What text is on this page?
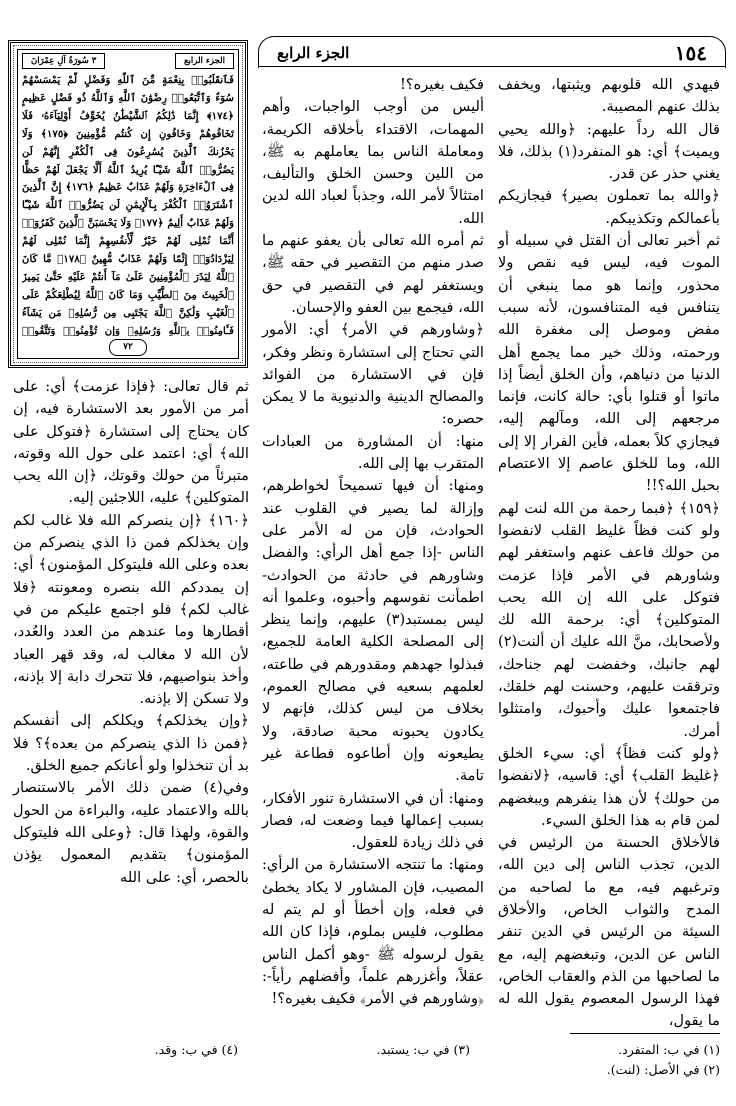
١٥٤
الجزء الرابع
الجزء الرابع
٣ سُورَةُ آلِ عِمْرَانَ
فَٱنقَلَبُوا۟ بِنِعْمَةٍ مِّنَ ٱللَّهِ وَفَضْلٍ لَّمْ يَمْسَسْهُمْ سُوٓءٌ وَٱتَّبَعُوا۟ رِضْوَٰنَ ٱللَّهِ وَٱللَّهُ ذُو فَضْلٍ عَظِيمٍ ﴿١٧٤﴾ إِنَّمَا ذَٰلِكُمُ ٱلشَّيْطَٰنُ يُخَوِّفُ أَوْلِيَآءَهُۥ فَلَا تَخَافُوهُمْ وَخَافُونِ إِن كُنتُم مُّؤْمِنِينَ ﴿١٧٥﴾ وَلَا يَحْزُنكَ ٱلَّذِينَ يُسَٰرِعُونَ فِى ٱلْكُفْرِ إِنَّهُمْ لَن يَضُرُّوا۟ ٱللَّهَ شَيْـًٔا يُرِيدُ ٱللَّهُ أَلَّا يَجْعَلَ لَهُمْ حَظًّا فِى ٱلْءَاخِرَةِ وَلَهُمْ عَذَابٌ عَظِيمٌ ﴿١٧٦﴾ إِنَّ ٱلَّذِينَ ٱشْتَرَوُا۟ ٱلْكُفْرَ بِٱلْإِيمَٰنِ لَن يَضُرُّوا۟ ٱللَّهَ شَيْـًٔا وَلَهُمْ عَذَابٌ أَلِيمٌ ﴿١٧٧﴾ وَلَا يَحْسَبَنَّ ٱلَّذِينَ كَفَرُوٓا۟ أَنَّمَا نُمْلِى لَهُمْ خَيْرٌ لِّأَنفُسِهِمْ إِنَّمَا نُمْلِى لَهُمْ لِيَزْدَادُوٓا۟ إِثْمًا وَلَهُمْ عَذَابٌ مُّهِينٌ ﴿١٧٨﴾ مَّا كَانَ ٱللَّهُ لِيَذَرَ ٱلْمُؤْمِنِينَ عَلَىٰ مَآ أَنتُمْ عَلَيْهِ حَتَّىٰ يَمِيزَ ٱلْخَبِيثَ مِنَ ٱلطَّيِّبِ وَمَا كَانَ ٱللَّهُ لِيُطْلِعَكُمْ عَلَى ٱلْغَيْبِ وَلَٰكِنَّ ٱللَّهَ يَجْتَبِى مِن رُّسُلِهِۦ مَن يَشَآءُ فَـَٔامِنُوا۟ بِٱللَّهِ وَرُسُلِهِۦ وَإِن تُؤْمِنُوا۟ وَتَتَّقُوا۟
٧٢

فيهدي الله قلوبهم ويثبتها، ويخفف بذلك عنهم المصيبة.

قال الله رداً عليهم: ﴿والله يحيي ويميت﴾ أي: هو المنفرد(١) بذلك، فلا يغني حذر عن قدر.

﴿والله بما تعملون بصير﴾ فيجازيكم بأعمالكم وتكذيبكم.

ثم أخبر تعالى أن القتل في سبيله أو الموت فيه، ليس فيه نقص ولا محذور، وإنما هو مما ينبغي أن يتنافس فيه المتنافسون، لأنه سبب مفض وموصل إلى مغفرة الله ورحمته، وذلك خير مما يجمع أهل الدنيا من دنياهم، وأن الخلق أيضاً إذا ماتوا أو قتلوا بأي: حالة كانت، فإنما مرجعهم إلى الله، ومآلهم إليه، فيجازي كلاً بعمله، فأين الفرار إلا إلى الله، وما للخلق عاصم إلا الاعتصام بحبل الله؟!!

﴿١٥٩﴾ ﴿فبما رحمة من الله لنت لهم ولو كنت فظاً غليظ القلب لانفضوا من حولك فاعف عنهم واستغفر لهم وشاورهم في الأمر فإذا عزمت فتوكل على الله إن الله يحب المتوكلين﴾ أي: برحمة الله لك ولأصحابك، منَّ الله عليك أن ألنت(٢) لهم جانبك، وخفضت لهم جناحك، وترققت عليهم، وحسنت لهم خلقك، فاجتمعوا عليك وأحبوك، وامتثلوا أمرك.

﴿ولو كنت فظاً﴾ أي: سيء الخلق ﴿غليظ القلب﴾ أي: قاسيه، ﴿لانفضوا من حولك﴾ لأن هذا ينفرهم ويبغضهم لمن قام به هذا الخلق السيء.

فالأخلاق الحسنة من الرئيس في الدين، تجذب الناس إلى دين الله، وترغبهم فيه، مع ما لصاحبه من المدح والثواب الخاص، والأخلاق السيئة من الرئيس في الدين تنفر الناس عن الدين، وتبغضهم إليه، مع ما لصاحبها من الذم والعقاب الخاص، فهذا الرسول المعصوم يقول الله له ما يقول،

فكيف بغيره؟!

أليس من أوجب الواجبات، وأهم المهمات، الاقتداء بأخلاقه الكريمة، ومعاملة الناس بما يعاملهم به ﷺ، من اللين وحسن الخلق والتأليف، امتثالاً لأمر الله، وجذباً لعباد الله لدين الله.

ثم أمره الله تعالى بأن يعفو عنهم ما صدر منهم من التقصير في حقه ﷺ، ويستغفر لهم في التقصير في حق الله، فيجمع بين العفو والإحسان.

﴿وشاورهم في الأمر﴾ أي: الأمور التي تحتاج إلى استشارة ونظر وفكر، فإن في الاستشارة من الفوائد والمصالح الدينية والدنيوية ما لا يمكن حصره:

منها: أن المشاورة من العبادات المتقرب بها إلى الله.

ومنها: أن فيها تسميحاً لخواطرهم، وإزالة لما يصير في القلوب عند الحوادث، فإن من له الأمر على الناس -إذا جمع أهل الرأي: والفضل وشاورهم في حادثة من الحوادث- اطمأنت نفوسهم وأحبوه، وعلموا أنه ليس بمستبد(٣) عليهم، وإنما ينظر إلى المصلحة الكلية العامة للجميع، فبذلوا جهدهم ومقدورهم في طاعته، لعلمهم بسعيه في مصالح العموم، بخلاف من ليس كذلك، فإنهم لا يكادون يحبونه محبة صادقة، ولا يطيعونه وإن أطاعوه فطاعة غير تامة.

ومنها: أن في الاستشارة تنور الأفكار، بسبب إعمالها فيما وضعت له، فصار في ذلك زيادة للعقول.

ومنها: ما تنتجه الاستشارة من الرأي: المصيب، فإن المشاور لا يكاد يخطئ في فعله، وإن أخطأ أو لم يتم له مطلوب، فليس بملوم، فإذا كان الله يقول لرسوله ﷺ -وهو أكمل الناس عقلاً، وأغزرهم علماً، وأفضلهم رأياً-: ﴿وشاورهم في الأمر﴾ فكيف بغيره؟!

ثم قال تعالى: ﴿فإذا عزمت﴾ أي: على أمر من الأمور بعد الاستشارة فيه، إن كان يحتاج إلى استشارة ﴿فتوكل على الله﴾ أي: اعتمد على حول الله وقوته، متبرئاً من حولك وقوتك، ﴿إن الله يحب المتوكلين﴾ عليه، اللاجئين إليه.

﴿١٦٠﴾ ﴿إن ينصركم الله فلا غالب لكم وإن يخذلكم فمن ذا الذي ينصركم من بعده وعلى الله فليتوكل المؤمنون﴾ أي: إن يمددكم الله بنصره ومعونته ﴿فلا غالب لكم﴾ فلو اجتمع عليكم من في أقطارها وما عندهم من العدد والعُدد، لأن الله لا مغالب له، وقد قهر العباد وأخذ بنواصيهم، فلا تتحرك دابة إلا بإذنه، ولا تسكن إلا بإذنه.

﴿وإن يخذلكم﴾ ويكلكم إلى أنفسكم ﴿فمن ذا الذي ينصركم من بعده﴾؟ فلا بد أن تنخذلوا ولو أعانكم جميع الخلق.

وفي(٤) ضمن ذلك الأمر بالاستنصار بالله والاعتماد عليه، والبراءة من الحول والقوة، ولهذا قال: ﴿وعلى الله فليتوكل المؤمنون﴾ بتقديم المعمول يؤذن بالحصر، أي: على الله

(١) في ب: المتفرد.
(٢) في الأصل: (لنت).
(٣) في ب: يستبد.
(٤) في ب: وقد.
